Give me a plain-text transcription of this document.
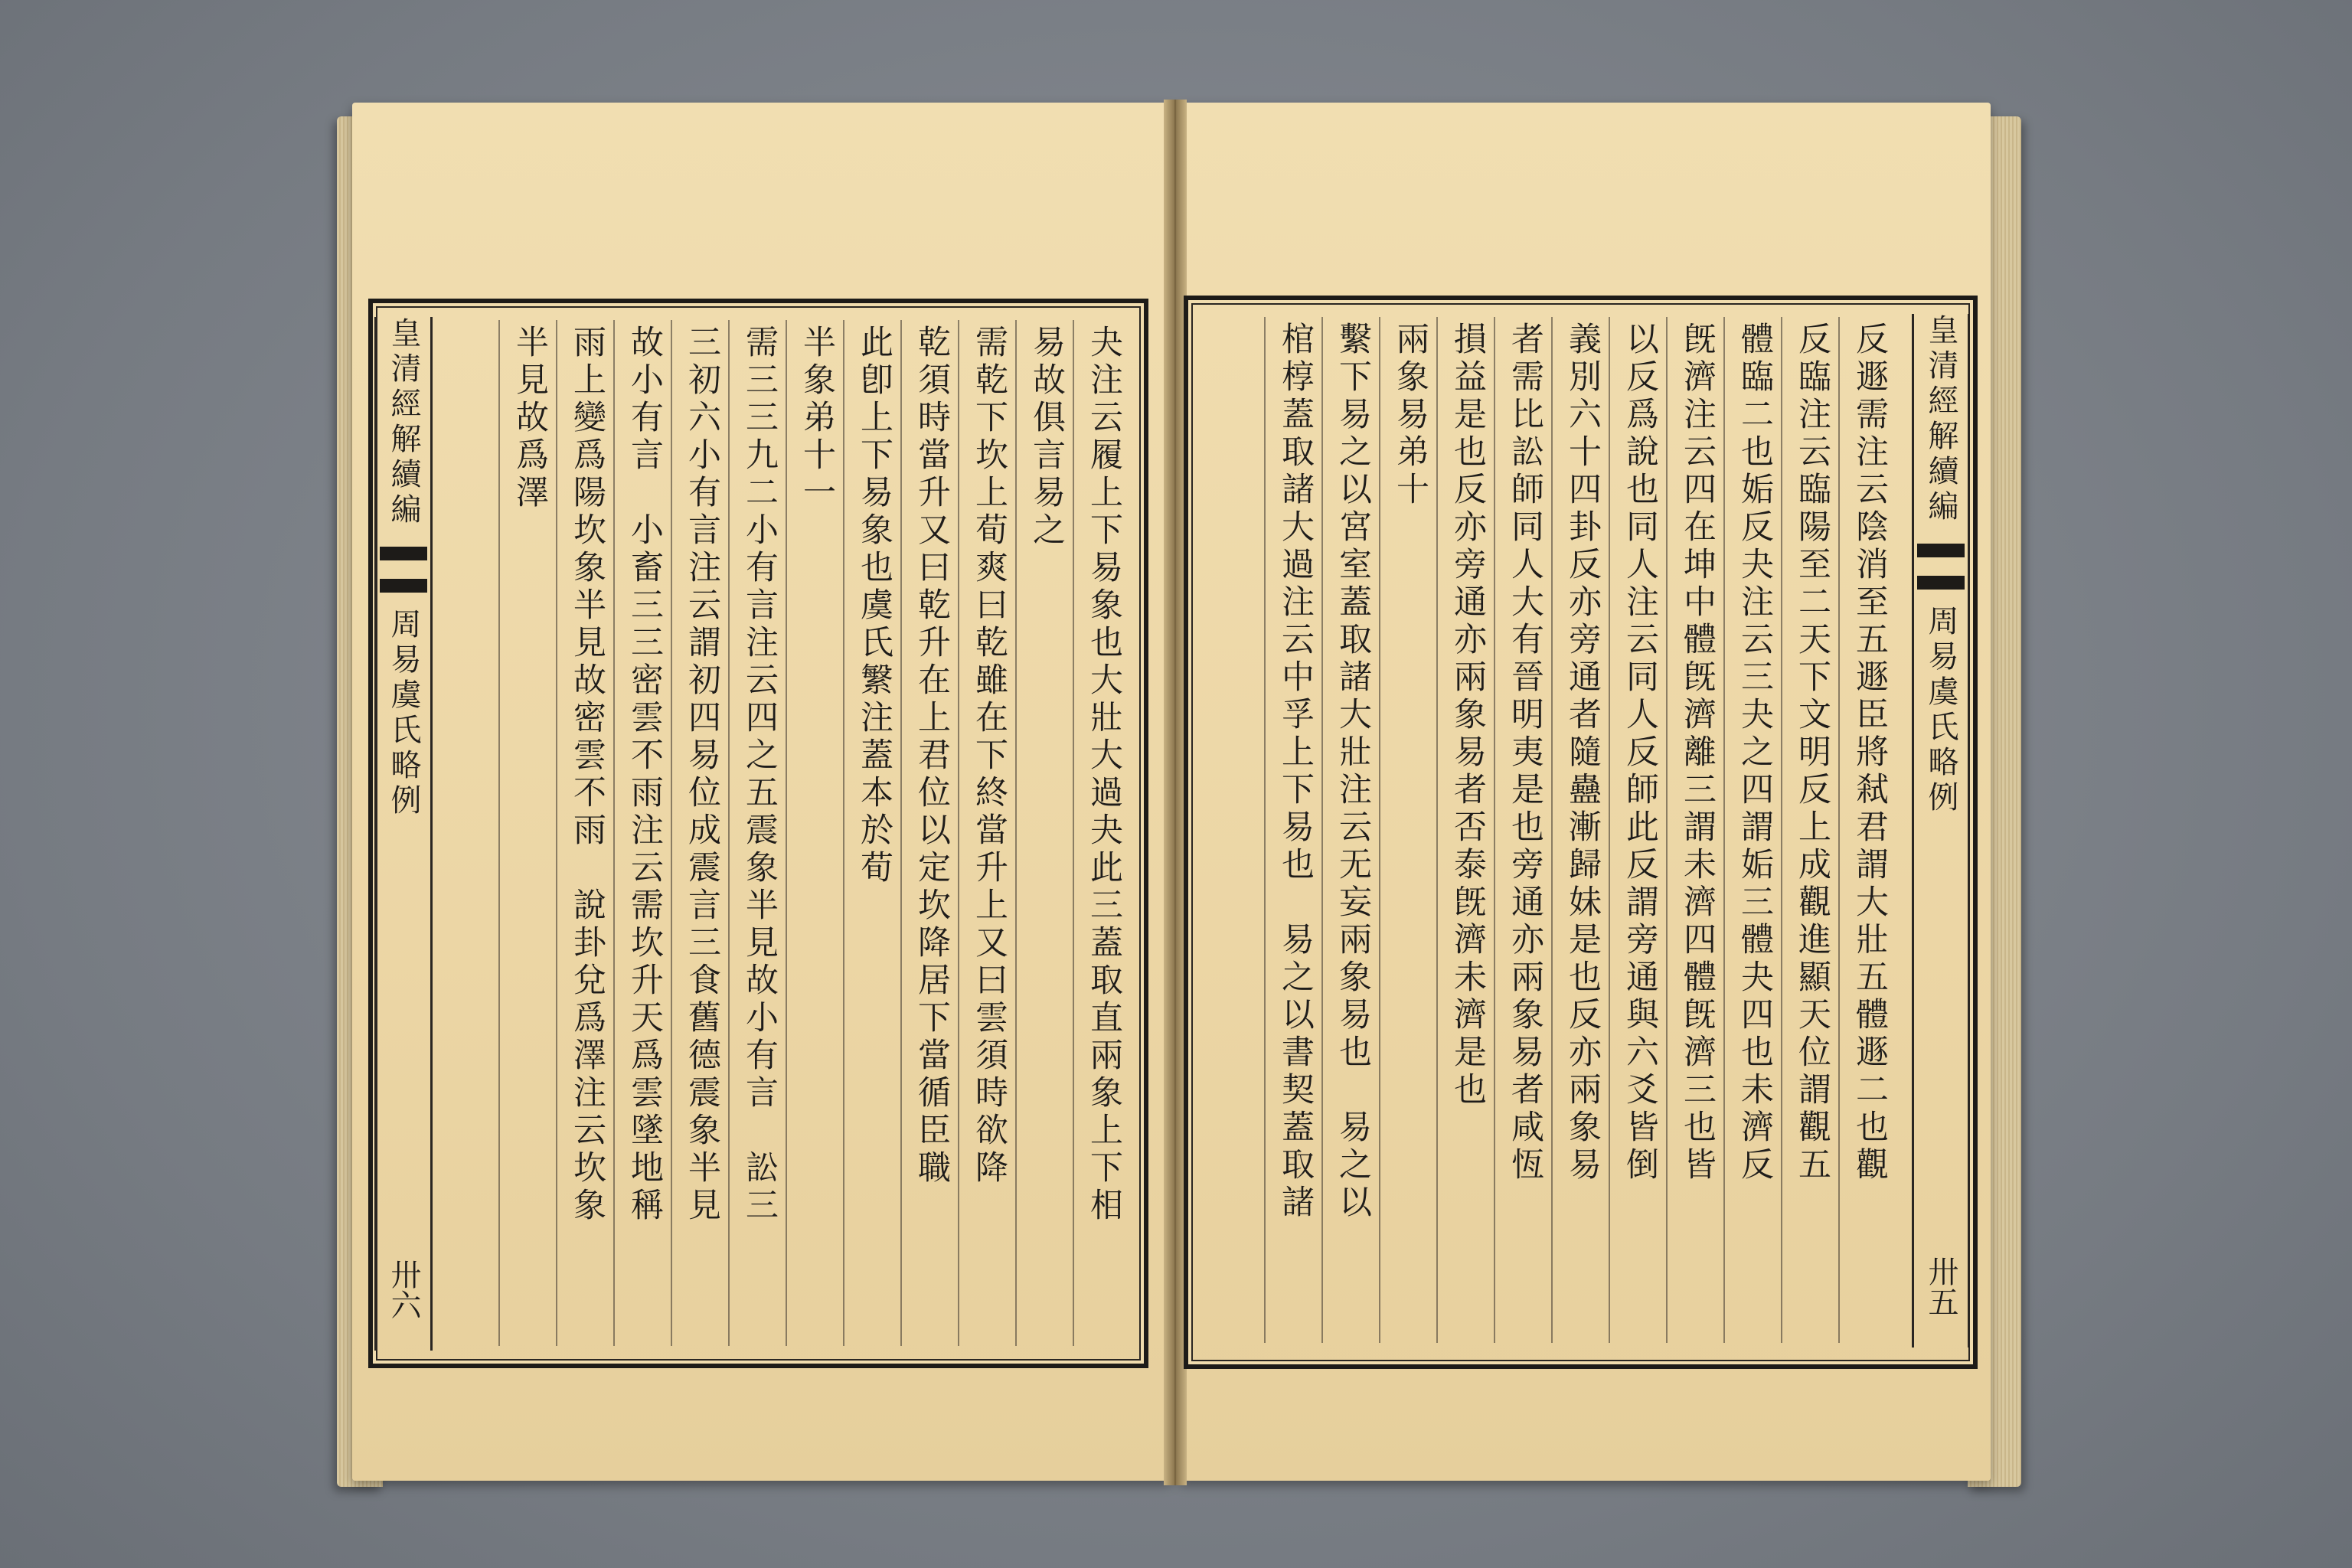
皇清經解續編
周易虞氏略例
卅六
夬注云履上下易象也大壯大過夬此三蓋取直兩象上下相
易故俱言易之
需乾下坎上荀爽曰乾雖在下終當升上又曰雲須時欲降
乾須時當升又曰乾升在上君位以定坎降居下當循臣職
此卽上下易象也虞氏䌓注蓋本於荀
半象弟十一
需三三九二小有言注云四之五震象半見故小有言　訟三
三初六小有言注云謂初四易位成震言三食舊德震象半見
故小有言　小畜三三密雲不雨注云需坎升天爲雲墜地稱
雨上變爲陽坎象半見故密雲不雨　說卦兌爲澤注云坎象
半見故爲澤	皇清經解續編
周易虞氏略例
卅五
反遯需注云陰消至五遯臣將弒君謂大壯五體遯二也觀
反臨注云臨陽至二天下文明反上成觀進顯天位謂觀五
體臨二也姤反夬注云三夬之四謂姤三體夬四也未濟反
旣濟注云四在坤中體旣濟離三謂未濟四體旣濟三也皆
以反爲說也同人注云同人反師此反謂旁通與六爻皆倒
義別六十四卦反亦旁通者隨蠱漸歸妹是也反亦兩象易
者需比訟師同人大有晉明夷是也旁通亦兩象易者咸恆
損益是也反亦旁通亦兩象易者否泰旣濟未濟是也
兩象易弟十
繫下易之以宮室蓋取諸大壯注云无妄兩象易也　易之以
棺椁蓋取諸大過注云中孚上下易也　易之以書契蓋取諸
